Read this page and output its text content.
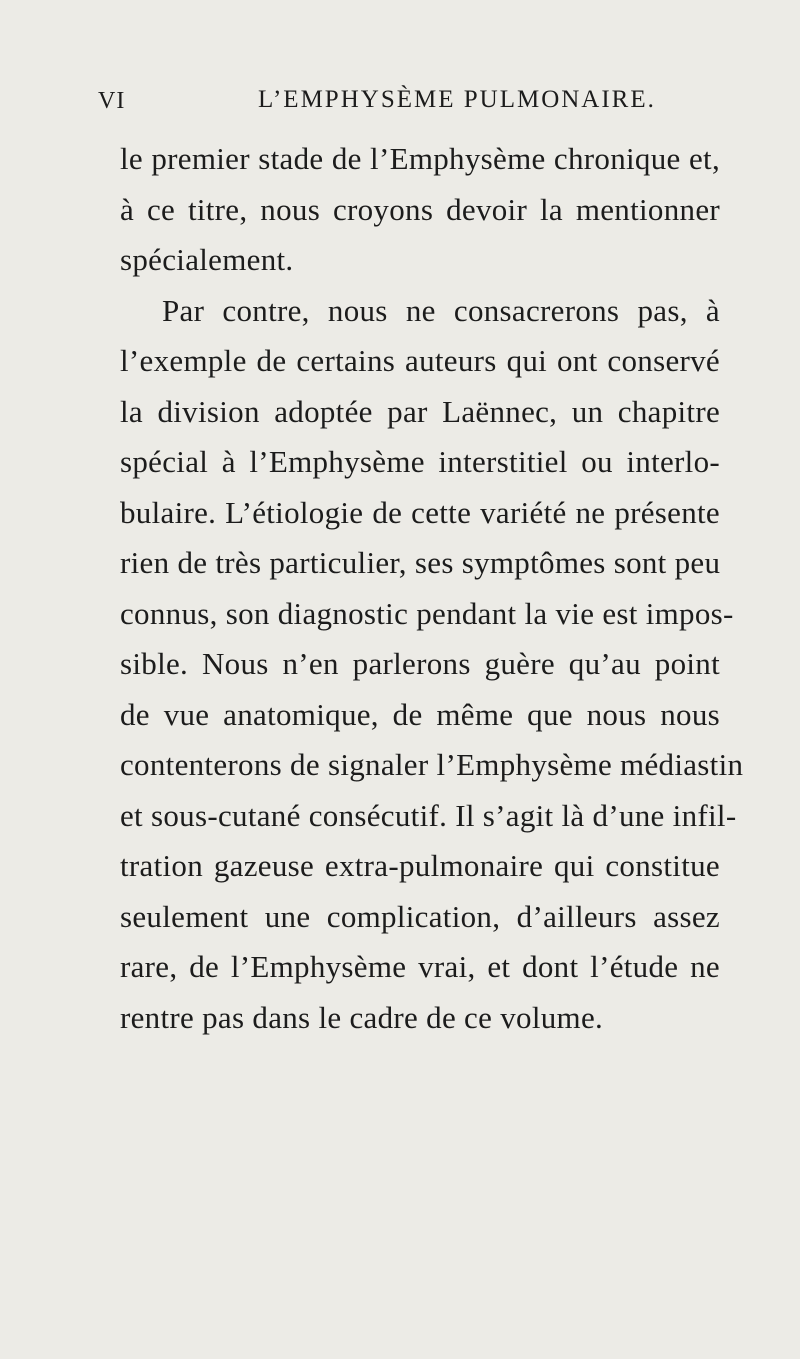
VI	L’EMPHYSÈME PULMONAIRE.
le premier stade de l’Emphysème chronique et,
à ce titre, nous croyons devoir la mentionner
spécialement.
Par contre, nous ne consacrerons pas, à
l’exemple de certains auteurs qui ont conservé
la division adoptée par Laënnec, un chapitre
spécial à l’Emphysème interstitiel ou interlo-
bulaire. L’étiologie de cette variété ne présente
rien de très particulier, ses symptômes sont peu
connus, son diagnostic pendant la vie est impos-
sible. Nous n’en parlerons guère qu’au point
de vue anatomique, de même que nous nous
contenterons de signaler l’Emphysème médiastin
et sous-cutané consécutif. Il s’agit là d’une infil-
tration gazeuse extra-pulmonaire qui constitue
seulement une complication, d’ailleurs assez
rare, de l’Emphysème vrai, et dont l’étude ne
rentre pas dans le cadre de ce volume.
